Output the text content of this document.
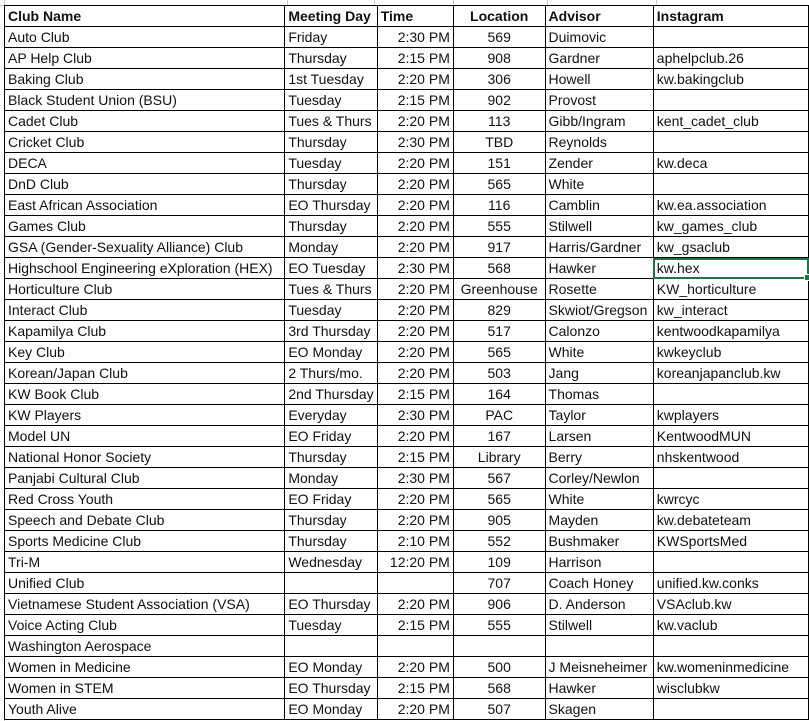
Club Name	Meeting Day	Time	Location	Advisor	Instagram
Auto Club	Friday	2:30 PM	569	Duimovic	
AP Help Club	Thursday	2:15 PM	908	Gardner	aphelpclub.26
Baking Club	1st Tuesday	2:20 PM	306	Howell	kw.bakingclub
Black Student Union (BSU)	Tuesday	2:15 PM	902	Provost	
Cadet Club	Tues & Thurs	2:20 PM	113	Gibb/Ingram	kent_cadet_club
Cricket Club	Thursday	2:30 PM	TBD	Reynolds	
DECA	Tuesday	2:20 PM	151	Zender	kw.deca
DnD Club	Thursday	2:20 PM	565	White	
East African Association	EO Thursday	2:20 PM	116	Camblin	kw.ea.association
Games Club	Thursday	2:20 PM	555	Stilwell	kw_games_club
GSA (Gender-Sexuality Alliance) Club	Monday	2:20 PM	917	Harris/Gardner	kw_gsaclub
Highschool Engineering eXploration (HEX)	EO Tuesday	2:30 PM	568	Hawker	kw.hex
Horticulture Club	Tues & Thurs	2:20 PM	Greenhouse	Rosette	KW_horticulture
Interact Club	Tuesday	2:20 PM	829	Skwiot/Gregson	kw_interact
Kapamilya Club	3rd Thursday	2:20 PM	517	Calonzo	kentwoodkapamilya
Key Club	EO Monday	2:20 PM	565	White	kwkeyclub
Korean/Japan Club	2 Thurs/mo.	2:20 PM	503	Jang	koreanjapanclub.kw
KW Book Club	2nd Thursday	2:15 PM	164	Thomas	
KW Players	Everyday	2:30 PM	PAC	Taylor	kwplayers
Model UN	EO Friday	2:20 PM	167	Larsen	KentwoodMUN
National Honor Society	Thursday	2:15 PM	Library	Berry	nhskentwood
Panjabi Cultural Club	Monday	2:30 PM	567	Corley/Newlon	
Red Cross Youth	EO Friday	2:20 PM	565	White	kwrcyc
Speech and Debate Club	Thursday	2:20 PM	905	Mayden	kw.debateteam
Sports Medicine Club	Thursday	2:10 PM	552	Bushmaker	KWSportsMed
Tri-M	Wednesday	12:20 PM	109	Harrison	
Unified Club			707	Coach Honey	unified.kw.conks
Vietnamese Student Association (VSA)	EO Thursday	2:20 PM	906	D. Anderson	VSAclub.kw
Voice Acting Club	Tuesday	2:15 PM	555	Stilwell	kw.vaclub
Washington Aerospace					
Women in Medicine	EO Monday	2:20 PM	500	J Meisneheimer	kw.womeninmedicine
Women in STEM	EO Thursday	2:15 PM	568	Hawker	wisclubkw
Youth Alive	EO Monday	2:20 PM	507	Skagen	
